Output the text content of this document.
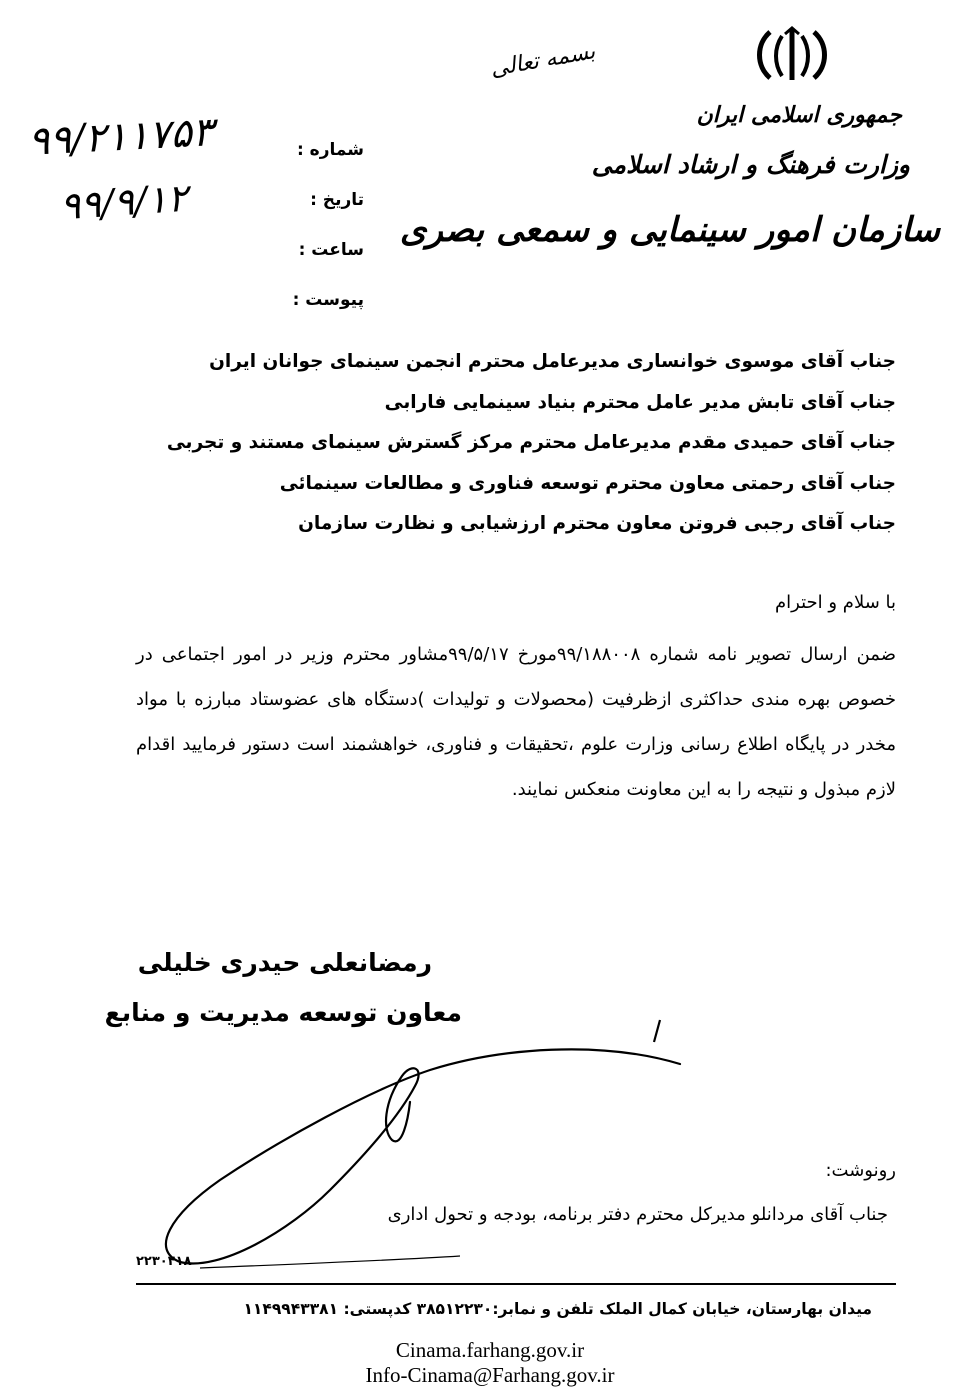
بسمه تعالی
جمهوری اسلامی ایران
وزارت فرهنگ و ارشاد اسلامی
سازمان امور سینمایی و سمعی بصری
شماره :
تاریخ :
ساعت :
پیوست :
۹۹/۲۱۱۷۵۳
۹۹/۹/۱۲
جناب آقای موسوی خوانساری مدیرعامل محترم انجمن سینمای جوانان ایران
جناب آقای تابش مدیر عامل محترم بنیاد سینمایی فارابی
جناب آقای حمیدی مقدم مدیرعامل محترم مرکز گسترش سینمای مستند و تجربی
جناب آقای رحمتی معاون محترم توسعه فناوری و مطالعات سینمائی
جناب آقای رجبی فروتن معاون محترم ارزشیابی و نظارت سازمان
با سلام و احترام
ضمن ارسال تصویر نامه شماره ۹۹/۱۸۸۰۰۸مورخ ۹۹/۵/۱۷مشاور محترم وزیر در امور اجتماعی در خصوص بهره مندی حداکثری ازظرفیت (محصولات و تولیدات )دستگاه های عضوستاد مبارزه با مواد مخدر در پایگاه اطلاع رسانی وزارت علوم ،تحقیقات و فناوری، خواهشمند است دستور فرمایید اقدام لازم مبذول و نتیجه را به این معاونت منعکس نمایند.
رمضانعلی حیدری خلیلی
معاون توسعه مدیریت و منابع
رونوشت:
جناب آقای مردانلو مدیرکل محترم دفتر برنامه، بودجه و تحول اداری
۲۲۳۰۴۱۸
میدان بهارستان، خیابان کمال الملک تلفن و نمابر:۳۸۵۱۲۲۳۰ کدپستی: ۱۱۴۹۹۴۳۳۸۱
Cinama.farhang.gov.ir
Info-Cinama@Farhang.gov.ir
